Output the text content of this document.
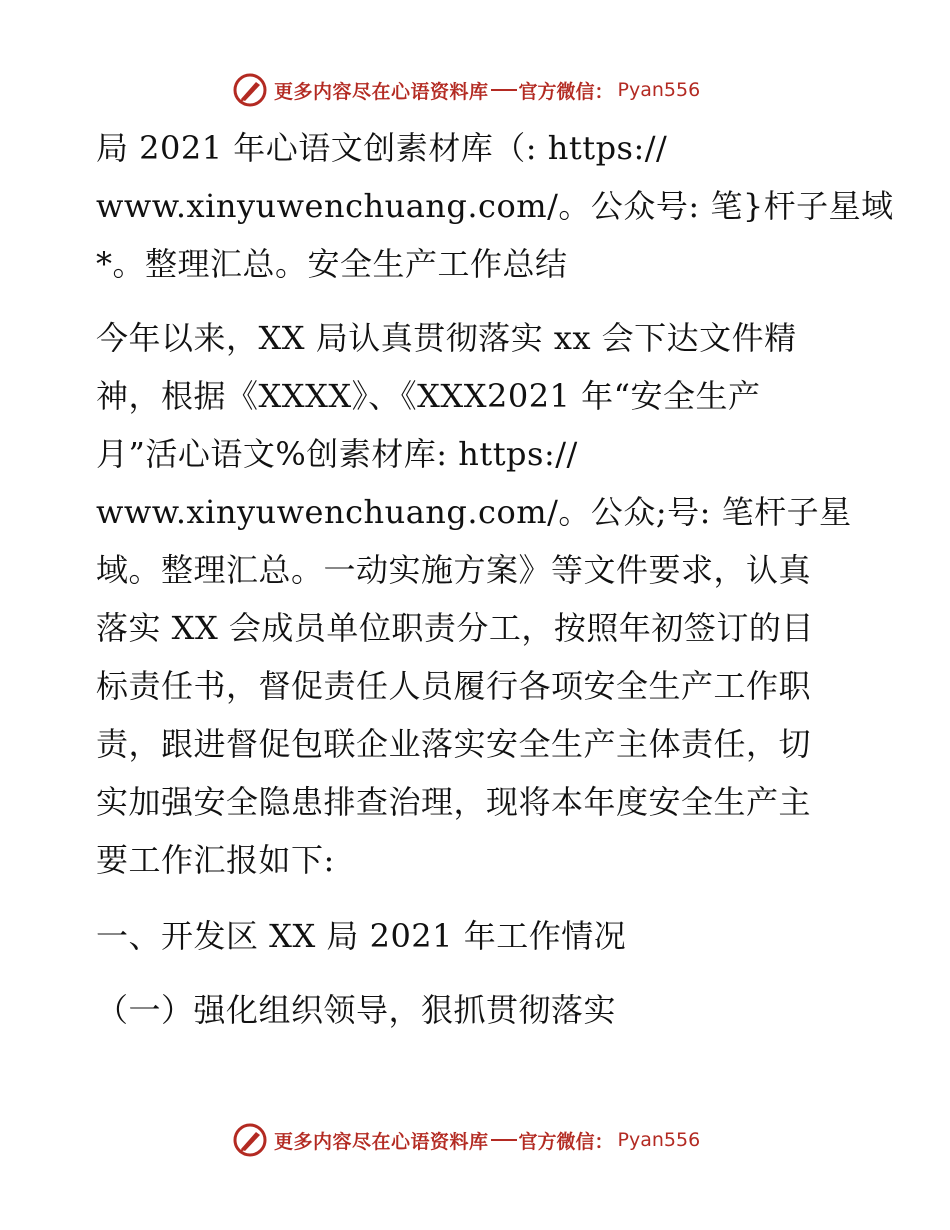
更多内容尽在心语资料库 官方微信： Pyan556
局 2021 年心语文创素材库（: https://
www.xinyuwenchuang.com/。公众号: 笔}杆子星域
*。整理汇总。安全生产工作总结
今年以来，XX 局认真贯彻落实 xx 会下达文件精
神，根据《XXXX》、《XXX2021 年“安全生产
月”活心语文%创素材库: https://
www.xinyuwenchuang.com/。公众;号: 笔杆子星
域。整理汇总。一动实施方案》等文件要求，认真
落实 XX 会成员单位职责分工，按照年初签订的目
标责任书，督促责任人员履行各项安全生产工作职
责，跟进督促包联企业落实安全生产主体责任，切
实加强安全隐患排查治理，现将本年度安全生产主
要工作汇报如下:
一、开发区 XX 局 2021 年工作情况
（一）强化组织领导，狠抓贯彻落实
更多内容尽在心语资料库 官方微信： Pyan556
